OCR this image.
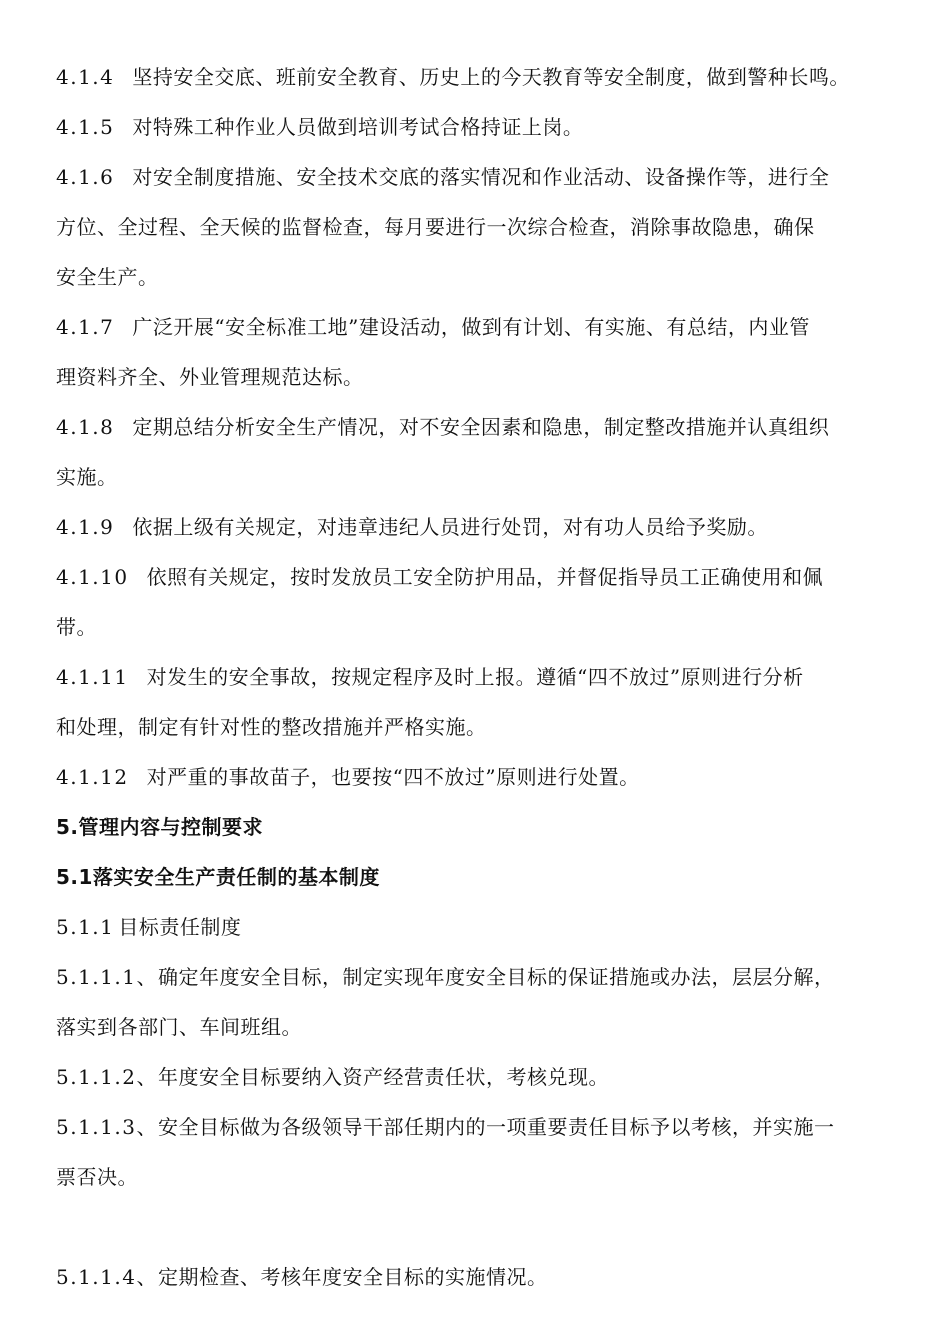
4.1.4 坚持安全交底、班前安全教育、历史上的今天教育等安全制度，做到警种长鸣。
4.1.5 对特殊工种作业人员做到培训考试合格持证上岗。
4.1.6 对安全制度措施、安全技术交底的落实情况和作业活动、设备操作等，进行全
方位、全过程、全天候的监督检查，每月要进行一次综合检查，消除事故隐患，确保
安全生产。
4.1.7 广泛开展“安全标准工地”建设活动，做到有计划、有实施、有总结，内业管
理资料齐全、外业管理规范达标。
4.1.8 定期总结分析安全生产情况，对不安全因素和隐患，制定整改措施并认真组织
实施。
4.1.9 依据上级有关规定，对违章违纪人员进行处罚，对有功人员给予奖励。
4.1.10 依照有关规定，按时发放员工安全防护用品，并督促指导员工正确使用和佩
带。
4.1.11 对发生的安全事故，按规定程序及时上报。遵循“四不放过”原则进行分析
和处理，制定有针对性的整改措施并严格实施。
4.1.12 对严重的事故苗子，也要按“四不放过”原则进行处置。
5.管理内容与控制要求
5.1落实安全生产责任制的基本制度
5.1.1 目标责任制度
5.1.1.1、确定年度安全目标，制定实现年度安全目标的保证措施或办法，层层分解，
落实到各部门、车间班组。
5.1.1.2、年度安全目标要纳入资产经营责任状，考核兑现。
5.1.1.3、安全目标做为各级领导干部任期内的一项重要责任目标予以考核，并实施一
票否决。
5.1.1.4、定期检查、考核年度安全目标的实施情况。
